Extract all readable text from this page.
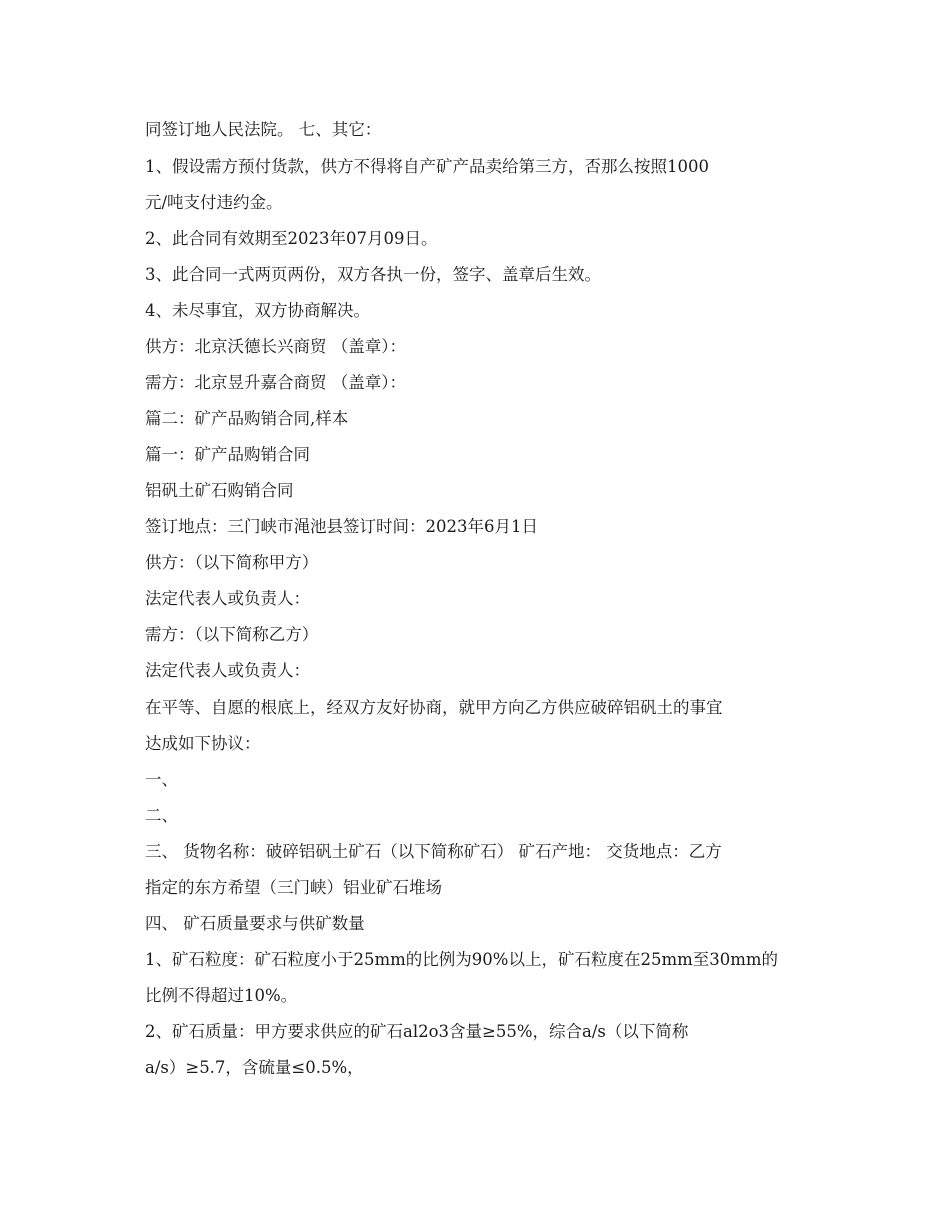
同签订地人民法院。 七、其它：
1、假设需方预付货款，供方不得将自产矿产品卖给第三方，否那么按照1000
元/吨支付违约金。
2、此合同有效期至2023年07月09日。
3、此合同一式两页两份，双方各执一份，签字、盖章后生效。
4、未尽事宜，双方协商解决。
供方：北京沃德长兴商贸 （盖章）：
需方：北京昱升嘉合商贸 （盖章）：
篇二：矿产品购销合同,样本
篇一：矿产品购销合同
铝矾土矿石购销合同
签订地点：三门峡市渑池县签订时间：2023年6月1日
供方：（以下简称甲方）
法定代表人或负责人：
需方：（以下简称乙方）
法定代表人或负责人：
在平等、自愿的根底上，经双方友好协商，就甲方向乙方供应破碎铝矾土的事宜
达成如下协议：
一、
二、
三、 货物名称：破碎铝矾土矿石（以下简称矿石） 矿石产地： 交货地点：乙方
指定的东方希望（三门峡）铝业矿石堆场
四、 矿石质量要求与供矿数量
1、矿石粒度：矿石粒度小于25mm的比例为90%以上，矿石粒度在25mm至30mm的
比例不得超过10%。
2、矿石质量：甲方要求供应的矿石al2o3含量≥55%，综合a/s（以下简称
a/s）≥5.7，含硫量≤0.5%，
